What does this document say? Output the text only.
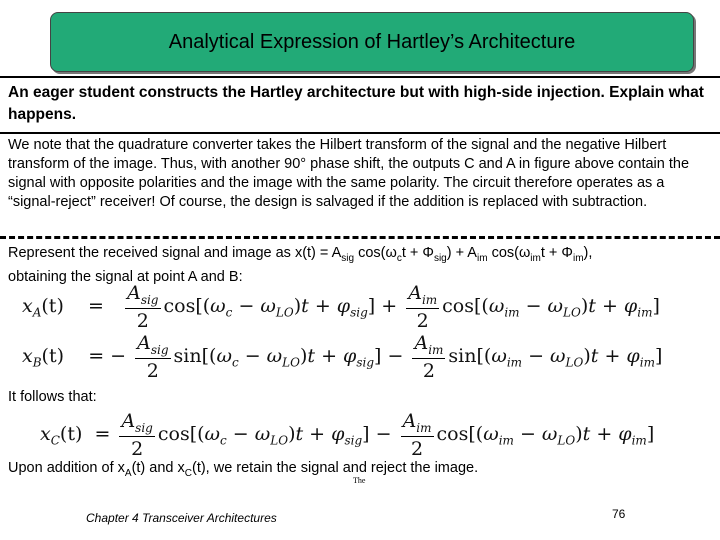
Analytical Expression of Hartley’s Architecture
An eager student constructs the Hartley architecture but with high-side injection. Explain what happens.
We note that the quadrature converter takes the Hilbert transform of the signal and the negative Hilbert transform of the image. Thus, with another 90° phase shift, the outputs C and A in figure above contain the signal with opposite polarities and the image with the same polarity. The circuit therefore operates as a “signal-reject” receiver! Of course, the design is salvaged if the addition is replaced with subtraction.
Represent the received signal and image as $x(t) = A_{sig}$ $\cos(\omega_ct + \Phi_{sig}) + A_{im}$ $\cos(\omega_{im}t + \Phi_{im})$,
obtaining the signal at point A and B:
$x_A(t) = \frac{A_{sig}}{2} \cos[(\omega_c - \omega_{LO})t + \varphi_{sig}] + \frac{A_{im}}{2} \cos[(\omega_{im} - \omega_{LO})t + \varphi_{im}]$
$x_B(t)$ = − $\frac{A_{sig}}{2} \sin[(\omega_c - \omega_{LO})t + \varphi_{sig}] - \frac{A_{im}}{2} \sin[(\omega_{im} - \omega_{LO})t + \varphi_{im}]$
It follows that:
$x_C(t) = \frac{A_{sig}}{2} \cos[(\omega_c - \omega_{LO})t + \varphi_{sig}] - \frac{A_{im}}{2} \cos[(\omega_{im} - \omega_{LO})t + \varphi_{im}]$
Upon addition of $x_A(t)$ and $x_C(t)$, we retain the signal and reject the image.
The
Chapter 4 Transceiver Architectures	76
